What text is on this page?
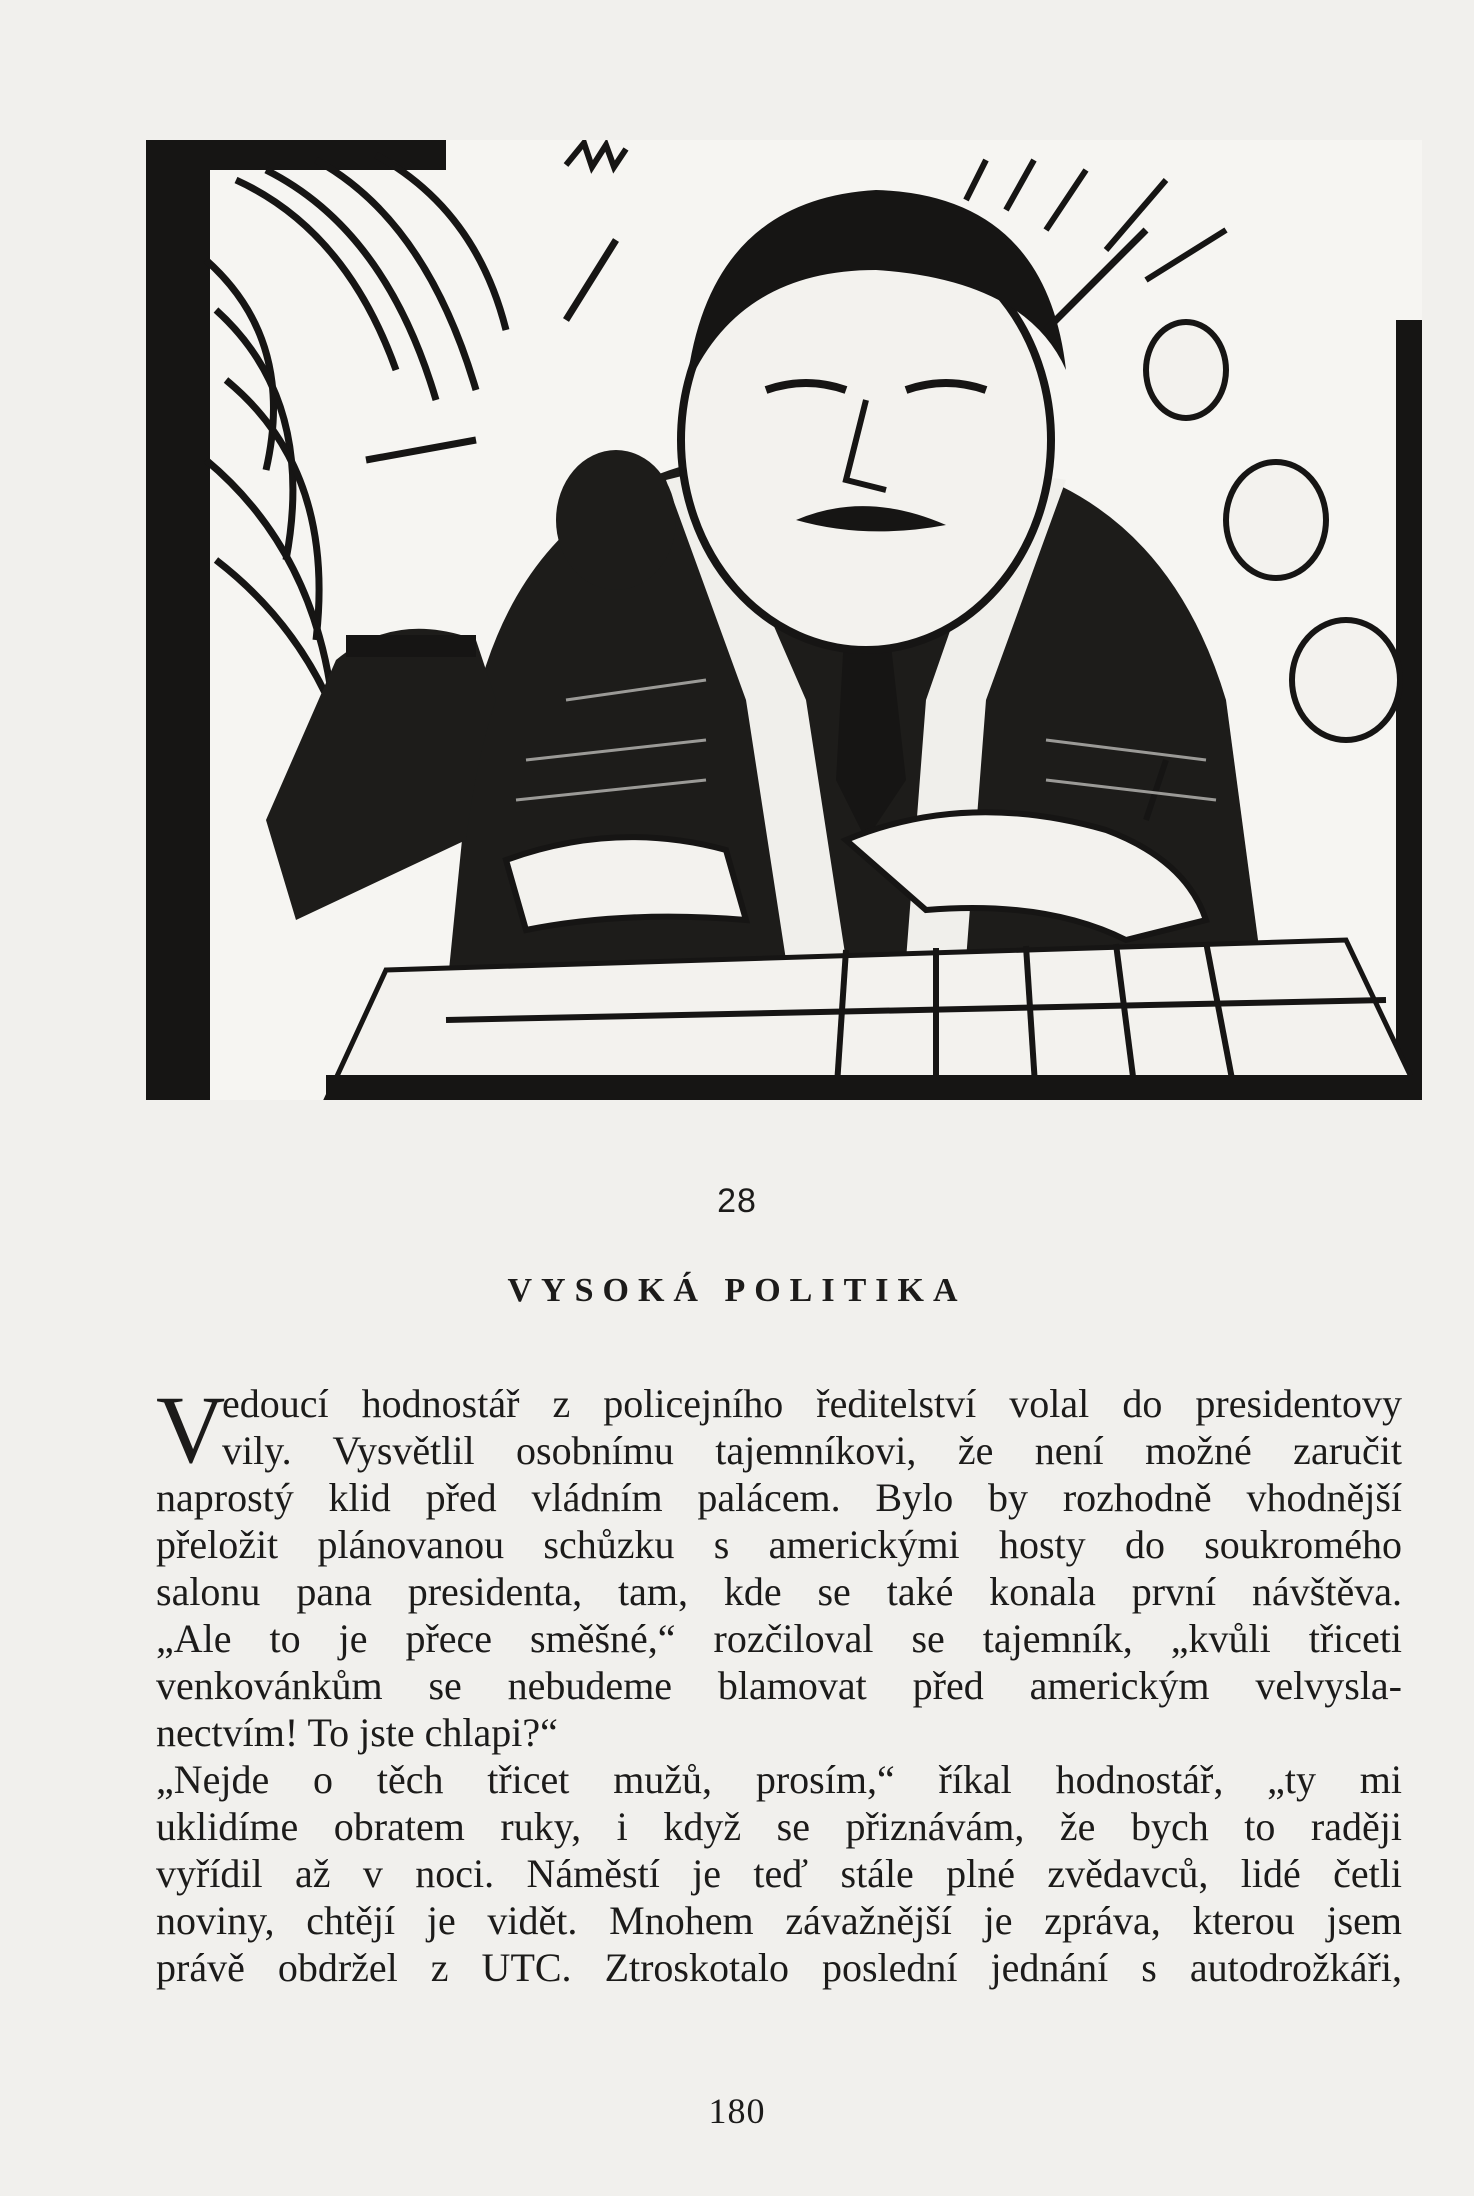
28
VYSOKÁ POLITIKA
V
edoucí hodnostář z policejního ředitelství volal do presidentovy
vily. Vysvětlil osobnímu tajemníkovi, že není možné zaručit
naprostý klid před vládním palácem. Bylo by rozhodně vhodnější
přeložit plánovanou schůzku s americkými hosty do soukromého
salonu pana presidenta, tam, kde se také konala první návštěva.
„Ale to je přece směšné,“ rozčiloval se tajemník, „kvůli třiceti
venkovánkům se nebudeme blamovat před americkým velvysla-
nectvím! To jste chlapi?“
„Nejde o těch třicet mužů, prosím,“ říkal hodnostář, „ty mi
uklidíme obratem ruky, i když se přiznávám, že bych to raději
vyřídil až v noci. Náměstí je teď stále plné zvědavců, lidé četli
noviny, chtějí je vidět. Mnohem závažnější je zpráva, kterou jsem
právě obdržel z UTC. Ztroskotalo poslední jednání s autodrožkáři,
180
